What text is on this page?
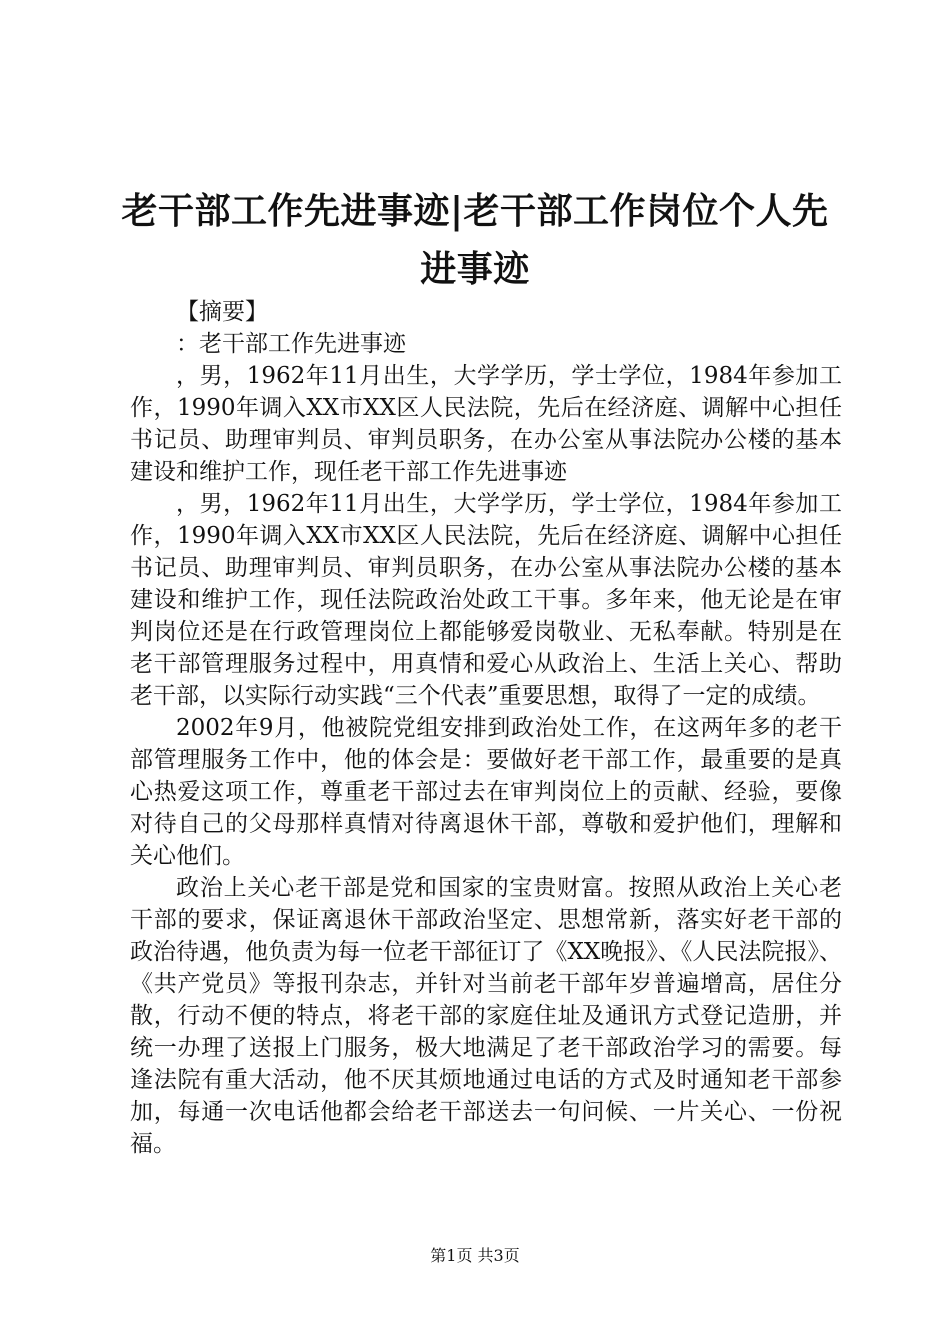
老干部工作先进事迹|老干部工作岗位个人先进事迹

【摘要】

：老干部工作先进事迹

，男，1962年11月出生，大学学历，学士学位，1984年参加工作，1990年调入XX市XX区人民法院，先后在经济庭、调解中心担任书记员、助理审判员、审判员职务，在办公室从事法院办公楼的基本建设和维护工作，现任老干部工作先进事迹

，男，1962年11月出生，大学学历，学士学位，1984年参加工作，1990年调入XX市XX区人民法院，先后在经济庭、调解中心担任书记员、助理审判员、审判员职务，在办公室从事法院办公楼的基本建设和维护工作，现任法院政治处政工干事。多年来，他无论是在审判岗位还是在行政管理岗位上都能够爱岗敬业、无私奉献。特别是在老干部管理服务过程中，用真情和爱心从政治上、生活上关心、帮助老干部，以实际行动实践“三个代表”重要思想，取得了一定的成绩。

2002年9月，他被院党组安排到政治处工作，在这两年多的老干部管理服务工作中，他的体会是：要做好老干部工作，最重要的是真心热爱这项工作，尊重老干部过去在审判岗位上的贡献、经验，要像对待自己的父母那样真情对待离退休干部，尊敬和爱护他们，理解和关心他们。

政治上关心老干部是党和国家的宝贵财富。按照从政治上关心老干部的要求，保证离退休干部政治坚定、思想常新，落实好老干部的政治待遇，他负责为每一位老干部征订了《XX晚报》、《人民法院报》、《共产党员》等报刊杂志，并针对当前老干部年岁普遍增高，居住分散，行动不便的特点，将老干部的家庭住址及通讯方式登记造册，并统一办理了送报上门服务，极大地满足了老干部政治学习的需要。每逢法院有重大活动，他不厌其烦地通过电话的方式及时通知老干部参加，每通一次电话他都会给老干部送去一句问候、一片关心、一份祝福。

第1页 共3页
